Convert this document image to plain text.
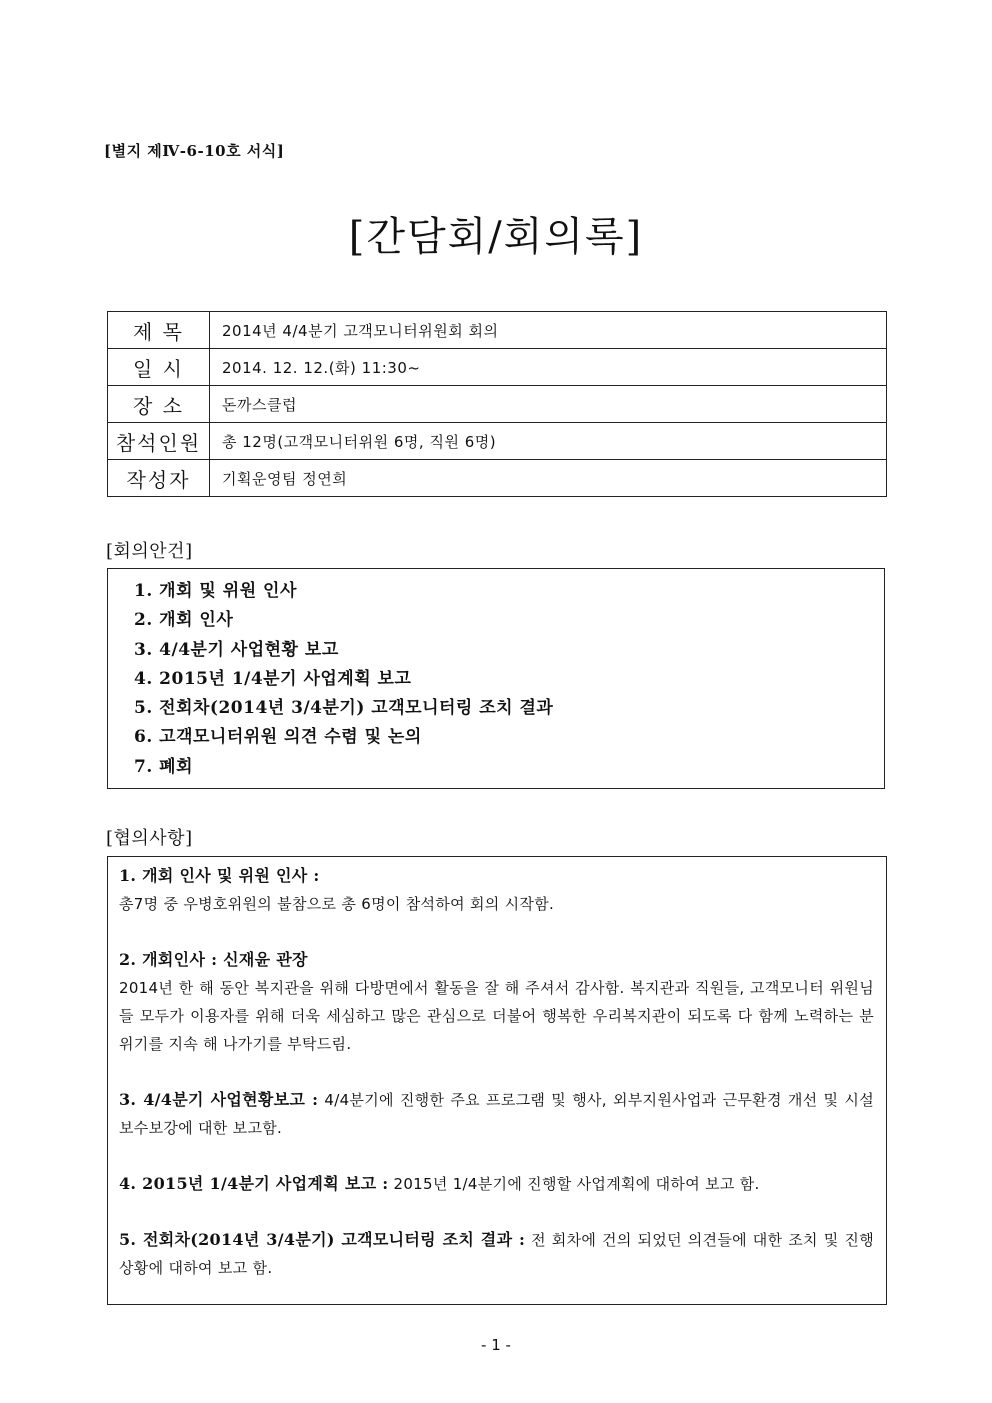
[별지 제Ⅳ-6-10호 서식]
[간담회/회의록]
제 목	2014년 4/4분기 고객모니터위원회 회의
일 시	2014. 12. 12.(화) 11:30~
장 소	돈까스클럽
참석인원	총 12명(고객모니터위원 6명, 직원 6명)
작성자	기획운영팀 정연희
[회의안건]
1. 개회 및 위원 인사
2. 개회 인사
3. 4/4분기 사업현황 보고
4. 2015년 1/4분기 사업계획 보고
5. 전회차(2014년 3/4분기) 고객모니터링 조치 결과
6. 고객모니터위원 의견 수렴 및 논의
7. 폐회
[협의사항]

1. 개회 인사 및 위원 인사 :

총7명 중 우병호위원의 불참으로 총 6명이 참석하여 회의 시작함.

2. 개회인사 : 신재윤 관장

2014년 한 해 동안 복지관을 위해 다방면에서 활동을 잘 해 주셔서 감사함. 복지관과 직원들, 고객모니터 위원님들 모두가 이용자를 위해 더욱 세심하고 많은 관심으로 더불어 행복한 우리복지관이 되도록 다 함께 노력하는 분위기를 지속 해 나가기를 부탁드림.

3. 4/4분기 사업현황보고 : 4/4분기에 진행한 주요 프로그램 및 행사, 외부지원사업과 근무환경 개선 및 시설보수보강에 대한 보고함.

4. 2015년 1/4분기 사업계획 보고 : 2015년 1/4분기에 진행할 사업계획에 대하여 보고 함.

5. 전회차(2014년 3/4분기) 고객모니터링 조치 결과 : 전 회차에 건의 되었던 의견들에 대한 조치 및 진행 상황에 대하여 보고 함.

- 1 -
